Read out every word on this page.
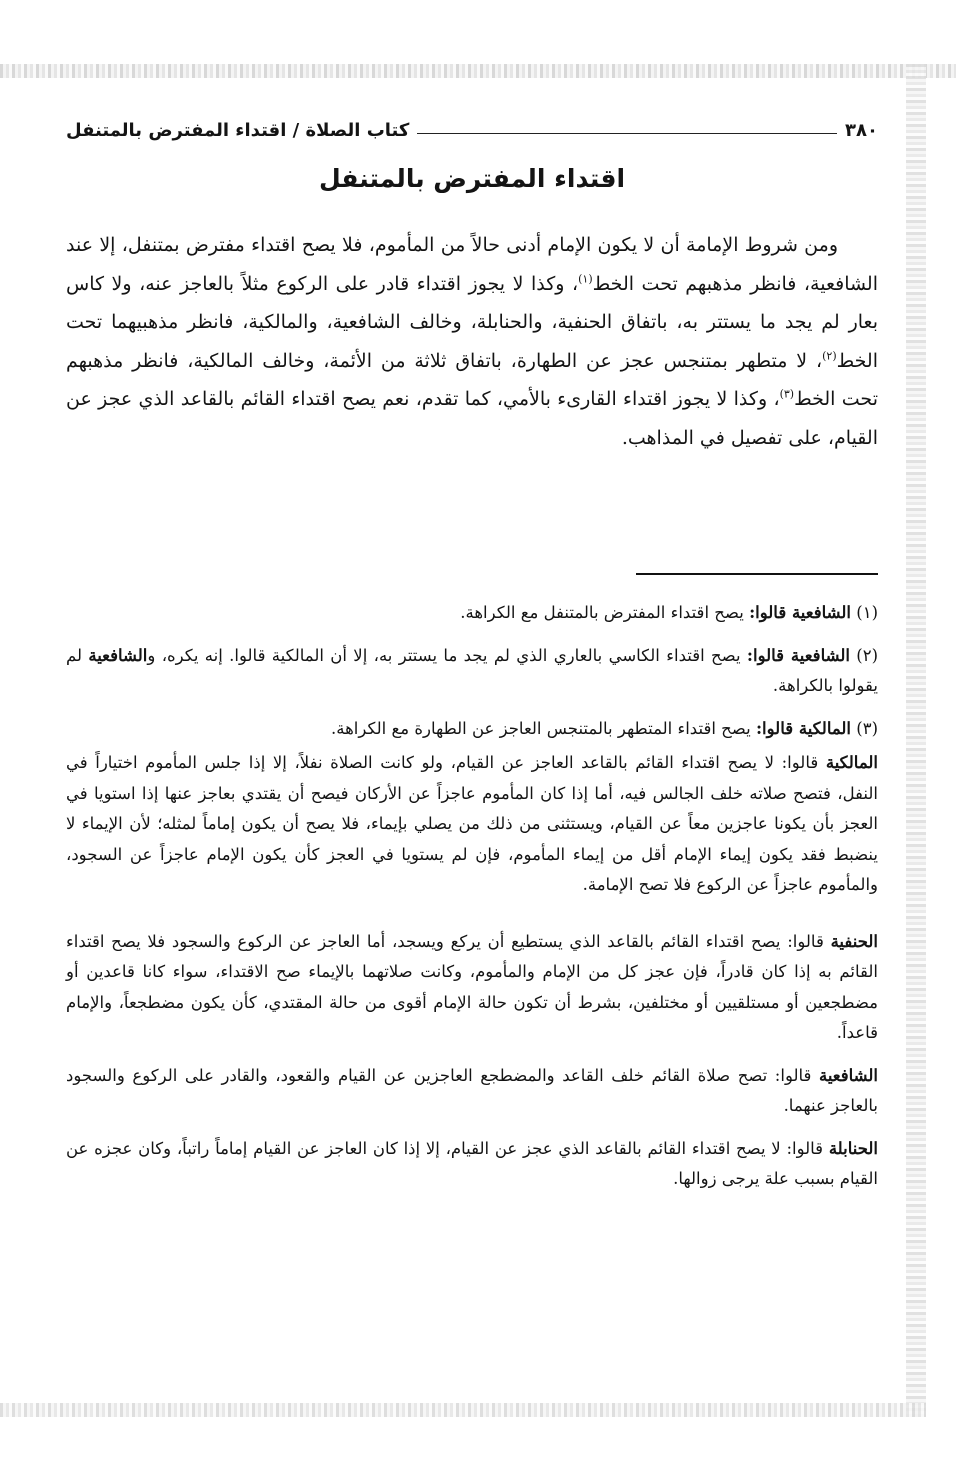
٣٨٠
كتاب الصلاة / اقتداء المفترض بالمتنفل
اقتداء المفترض بالمتنفل

ومن شروط الإمامة أن لا يكون الإمام أدنى حالاً من المأموم، فلا يصح اقتداء مفترض بمتنفل، إلا عند الشافعية، فانظر مذهبهم تحت الخط$^{(١)}$، وكذا لا يجوز اقتداء قادر على الركوع مثلاً بالعاجز عنه، ولا كاس بعار لم يجد ما يستتر به، باتفاق الحنفية، والحنابلة، وخالف الشافعية، والمالكية، فانظر مذهبيهما تحت الخط$^{(٢)}$، لا متطهر بمتنجس عجز عن الطهارة، باتفاق ثلاثة من الأئمة، وخالف المالكية، فانظر مذهبهم تحت الخط$^{(٣)}$، وكذا لا يجوز اقتداء القارىء بالأمي، كما تقدم، نعم يصح اقتداء القائم بالقاعد الذي عجز عن القيام، على تفصيل في المذاهب.

(١) الشافعية قالوا: يصح اقتداء المفترض بالمتنفل مع الكراهة.

(٢) الشافعية قالوا: يصح اقتداء الكاسي بالعاري الذي لم يجد ما يستتر به، إلا أن المالكية قالوا. إنه يكره، والشافعية لم يقولوا بالكراهة.

(٣) المالكية قالوا: يصح اقتداء المتطهر بالمتنجس العاجز عن الطهارة مع الكراهة.

المالكية قالوا: لا يصح اقتداء القائم بالقاعد العاجز عن القيام، ولو كانت الصلاة نفلاً، إلا إذا جلس المأموم اختياراً في النفل، فتصح صلاته خلف الجالس فيه، أما إذا كان المأموم عاجزاً عن الأركان فيصح أن يقتدي بعاجز عنها إذا استويا في العجز بأن يكونا عاجزين معاً عن القيام، ويستثنى من ذلك من يصلي بإيماء، فلا يصح أن يكون إماماً لمثله؛ لأن الإيماء لا ينضبط فقد يكون إيماء الإمام أقل من إيماء المأموم، فإن لم يستويا في العجز كأن يكون الإمام عاجزاً عن السجود، والمأموم عاجزاً عن الركوع فلا تصح الإمامة.

الحنفية قالوا: يصح اقتداء القائم بالقاعد الذي يستطيع أن يركع ويسجد، أما العاجز عن الركوع والسجود فلا يصح اقتداء القائم به إذا كان قادراً، فإن عجز كل من الإمام والمأموم، وكانت صلاتهما بالإيماء صح الاقتداء، سواء كانا قاعدين أو مضطجعين أو مستلقيين أو مختلفين، بشرط أن تكون حالة الإمام أقوى من حالة المقتدي، كأن يكون مضطجعاً، والإمام قاعداً.

الشافعية قالوا: تصح صلاة القائم خلف القاعد والمضطجع العاجزين عن القيام والقعود، والقادر على الركوع والسجود بالعاجز عنهما.

الحنابلة قالوا: لا يصح اقتداء القائم بالقاعد الذي عجز عن القيام، إلا إذا كان العاجز عن القيام إماماً راتباً، وكان عجزه عن القيام بسبب علة يرجى زوالها.
